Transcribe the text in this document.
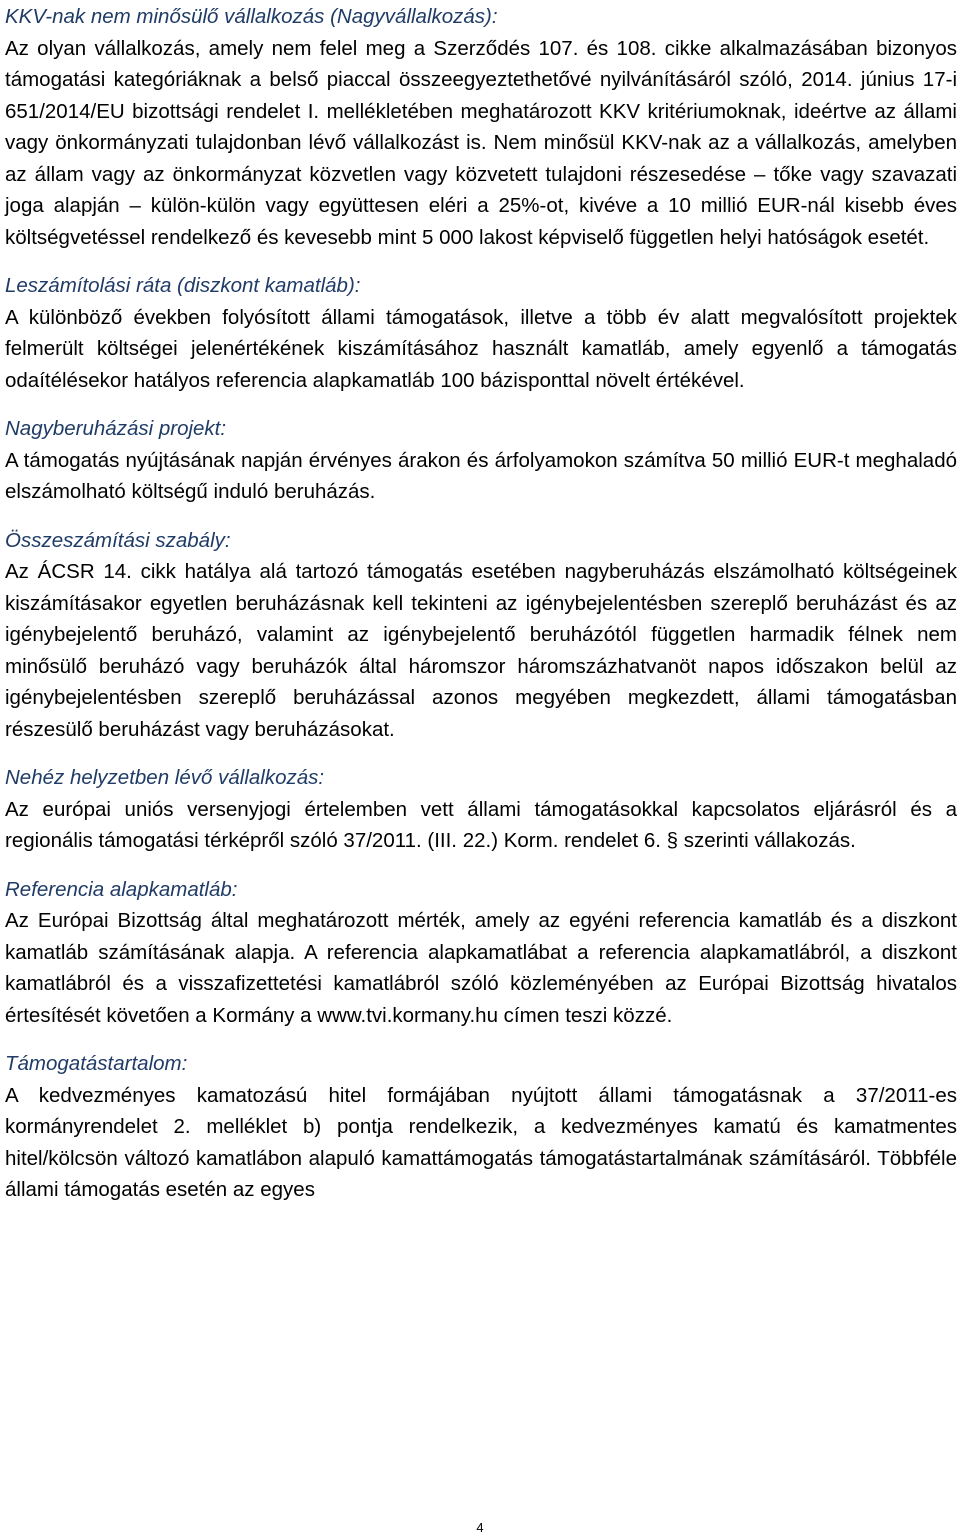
KKV-nak nem minősülő vállalkozás (Nagyvállalkozás):

Az olyan vállalkozás, amely nem felel meg a Szerződés 107. és 108. cikke alkalmazásában bizonyos támogatási kategóriáknak a belső piaccal összeegyeztethetővé nyilvánításáról szóló, 2014. június 17-i 651/2014/EU bizottsági rendelet I. mellékletében meghatározott KKV kritériumoknak, ideértve az állami vagy önkormányzati tulajdonban lévő vállalkozást is. Nem minősül KKV-nak az a vállalkozás, amelyben az állam vagy az önkormányzat közvetlen vagy közvetett tulajdoni részesedése – tőke vagy szavazati joga alapján – külön-külön vagy együttesen eléri a 25%-ot, kivéve a 10 millió EUR-nál kisebb éves költségvetéssel rendelkező és kevesebb mint 5 000 lakost képviselő független helyi hatóságok esetét.

Leszámítolási ráta (diszkont kamatláb):

A különböző években folyósított állami támogatások, illetve a több év alatt megvalósított projektek felmerült költségei jelenértékének kiszámításához használt kamatláb, amely egyenlő a támogatás odaítélésekor hatályos referencia alapkamatláb 100 bázisponttal növelt értékével.

Nagyberuházási projekt:

A támogatás nyújtásának napján érvényes árakon és árfolyamokon számítva 50 millió EUR-t meghaladó elszámolható költségű induló beruházás.

Összeszámítási szabály:

Az ÁCSR 14. cikk hatálya alá tartozó támogatás esetében nagyberuházás elszámolható költségeinek kiszámításakor egyetlen beruházásnak kell tekinteni az igénybejelentésben szereplő beruházást és az igénybejelentő beruházó, valamint az igénybejelentő beruházótól független harmadik félnek nem minősülő beruházó vagy beruházók által háromszor háromszázhatvanöt napos időszakon belül az igénybejelentésben szereplő beruházással azonos megyében megkezdett, állami támogatásban részesülő beruházást vagy beruházásokat.

Nehéz helyzetben lévő vállalkozás:

Az európai uniós versenyjogi értelemben vett állami támogatásokkal kapcsolatos eljárásról és a regionális támogatási térképről szóló 37/2011. (III. 22.) Korm. rendelet 6. § szerinti vállakozás.

Referencia alapkamatláb:

Az Európai Bizottság által meghatározott mérték, amely az egyéni referencia kamatláb és a diszkont kamatláb számításának alapja. A referencia alapkamatlábat a referencia alapkamatlábról, a diszkont kamatlábról és a visszafizettetési kamatlábról szóló közleményében az Európai Bizottság hivatalos értesítését követően a Kormány a www.tvi.kormany.hu címen teszi közzé.

Támogatástartalom:

A kedvezményes kamatozású hitel formájában nyújtott állami támogatásnak a 37/2011-es kormányrendelet 2. melléklet b) pontja rendelkezik, a kedvezményes kamatú és kamatmentes hitel/kölcsön változó kamatlábon alapuló kamattámogatás támogatástartalmának számításáról. Többféle állami támogatás esetén az egyes

4
